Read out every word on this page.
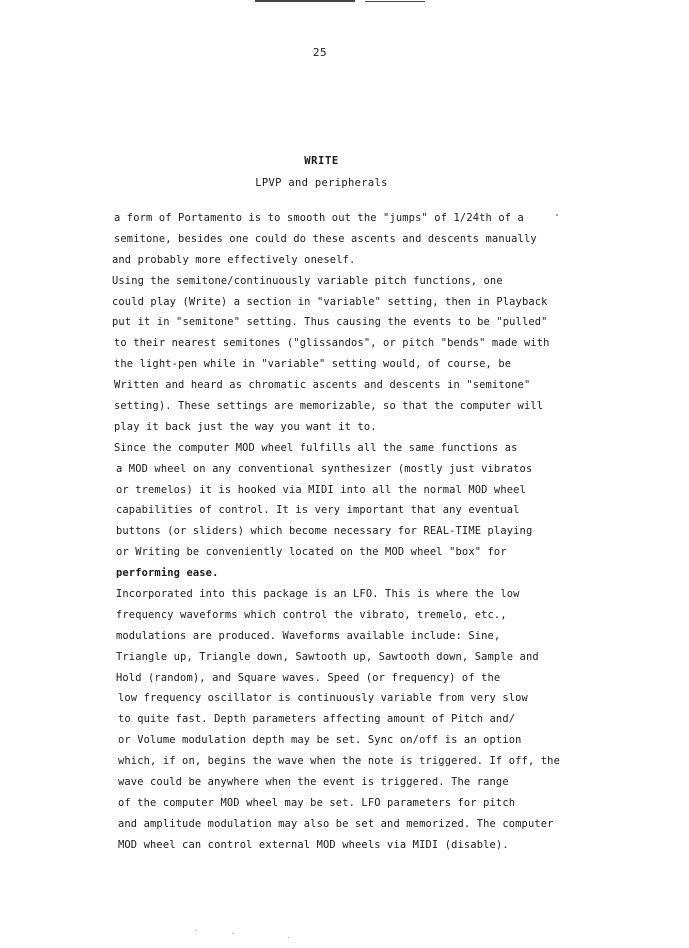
25
WRITE
LPVP and peripherals
a form of Portamento is to smooth out the "jumps" of 1/24th of a
semitone, besides one could do these ascents and descents manually
and probably more effectively oneself.
Using the semitone/continuously variable pitch functions, one
could play (Write) a section in "variable" setting, then in Playback
put it in "semitone" setting. Thus causing the events to be "pulled"
to their nearest semitones ("glissandos", or pitch "bends" made with
the light-pen while in "variable" setting would, of course, be
Written and heard as chromatic ascents and descents in "semitone"
setting). These settings are memorizable, so that the computer will
play it back just the way you want it to.
Since the computer MOD wheel fulfills all the same functions as
a MOD wheel on any conventional synthesizer (mostly just vibratos
or tremelos) it is hooked via MIDI into all the normal MOD wheel
capabilities of control. It is very important that any eventual
buttons (or sliders) which become necessary for REAL-TIME playing
or Writing be conveniently located on the MOD wheel "box" for
performing ease.
Incorporated into this package is an LFO. This is where the low
frequency waveforms which control the vibrato, tremelo, etc.,
modulations are produced. Waveforms available include: Sine,
Triangle up, Triangle down, Sawtooth up, Sawtooth down, Sample and
Hold (random), and Square waves. Speed (or frequency) of the
low frequency oscillator is continuously variable from very slow
to quite fast. Depth parameters affecting amount of Pitch and/
or Volume modulation depth may be set. Sync on/off is an option
which, if on, begins the wave when the note is triggered. If off, the
wave could be anywhere when the event is triggered. The range
of the computer MOD wheel may be set. LFO parameters for pitch
and amplitude modulation may also be set and memorized. The computer
MOD wheel can control external MOD wheels via MIDI (disable).
